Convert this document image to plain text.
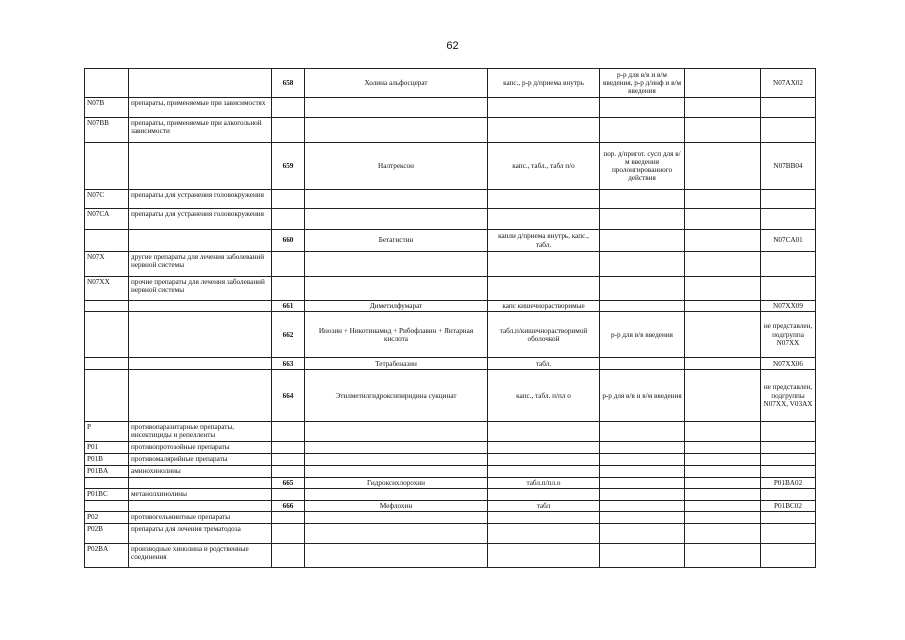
62
		658	Холина альфосцерат	капс., р-р д/приема внутрь	р-р для в/в и в/м введения, р-р д/инф и в/м введения		N07AX02
N07B	препараты, применяемые при зависимостях						
N07BB	препараты, применяемые при алкогольной зависимости						
		659	Налтрексон	капс., табл., табл п/о	пор. д/пригот. сусп для в/м введения пролонгированного действия		N07BB04
N07C	препараты для устранения головокружения						
N07CA	препараты для устранения головокружения						
		660	Бетагистин	капли д/приема внутрь, капс., табл.			N07CA01
N07X	другие препараты для лечения заболеваний нервной системы						
N07XX	прочие препараты для лечения заболеваний нервной системы						
		661	Диметилфумарат	капс кишечнорастворимые			N07XX09
		662	Инозин + Никотинамид + Рибофлавин + Янтарная кислота	табл.п/кишечнорастворимой оболочкой	р-р для в/в введения		не представлен, подгруппа N07XX
		663	Тетрабеназин	табл.			N07XX06
		664	Этилметилгидроксипиридина сукцинат	капс., табл. п/пл о	р-р для в/в и в/м введения		не представлен, подгруппы N07XX, V03AX
P	противопаразитарные препараты, инсектициды и репелленты						
P01	противопротозойные препараты						
P01B	противомалярийные препараты						
P01BA	аминохинолины						
		665	Гидроксихлорохин	табл.п/пл.о			P01BA02
P01BC	метанолхинолины						
		666	Мефлохин	табл			P01BC02
P02	противогельминтные препараты						
P02B	препараты для лечения трематодоза						
P02BA	производные хинолина и родственные соединения						
